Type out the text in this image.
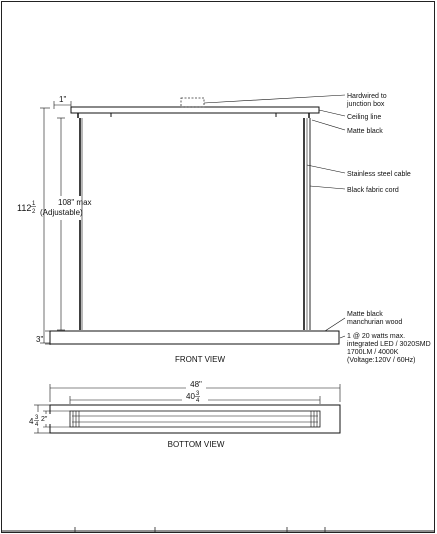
1"
112 1
2
108" max
(Adjustable)
3"
Hardwired to
junction box
Ceiling line
Matte black
Stainless steel cable
Black fabric cord
Matte black
manchurian wood
1 @ 20 watts max.
integrated LED / 3020SMD
1700LM / 4000K
(Voltage:120V / 60Hz)
FRONT VIEW
48"
40 3
4
4 3
4
2"
BOTTOM VIEW
